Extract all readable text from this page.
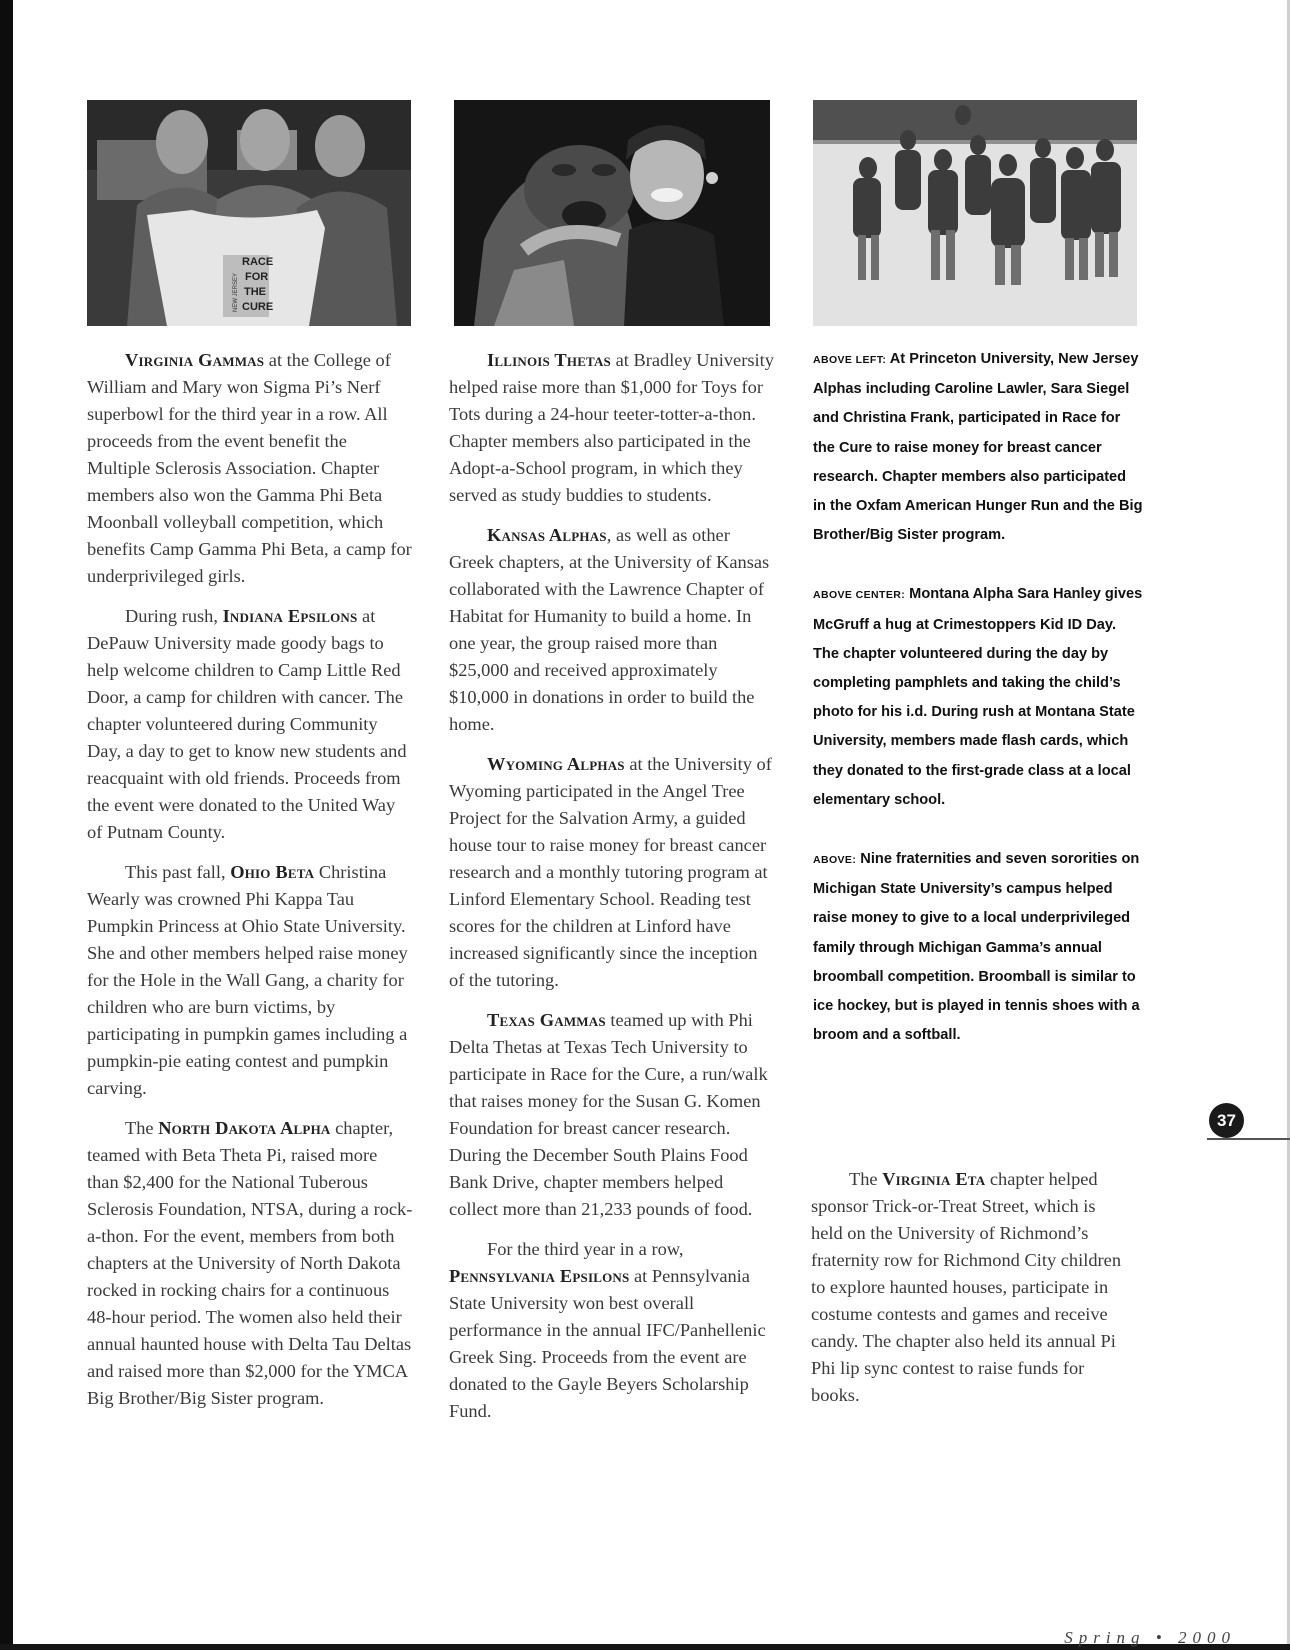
NEW JERSEY
RACE
FOR
THE
CURE

Virginia Gammas at the College of William and Mary won Sigma Pi’s Nerf superbowl for the third year in a row. All proceeds from the event benefit the Multiple Sclerosis Association. Chapter members also won the Gamma Phi Beta Moonball volleyball competition, which benefits Camp Gamma Phi Beta, a camp for underprivileged girls.

During rush, Indiana Epsilons at DePauw University made goody bags to help welcome children to Camp Little Red Door, a camp for children with cancer. The chapter volunteered during Community Day, a day to get to know new students and reacquaint with old friends. Proceeds from the event were donated to the United Way of Putnam County.

This past fall, Ohio Beta Christina Wearly was crowned Phi Kappa Tau Pumpkin Princess at Ohio State University. She and other members helped raise money for the Hole in the Wall Gang, a charity for children who are burn victims, by participating in pumpkin games including a pumpkin-pie eating contest and pumpkin carving.

The North Dakota Alpha chapter, teamed with Beta Theta Pi, raised more than $2,400 for the National Tuberous Sclerosis Foundation, NTSA, during a rock-a-thon. For the event, members from both chapters at the University of North Dakota rocked in rocking chairs for a continuous 48-hour period. The women also held their annual haunted house with Delta Tau Deltas and raised more than $2,000 for the YMCA Big Brother/Big Sister program.

Illinois Thetas at Bradley University helped raise more than $1,000 for Toys for Tots during a 24-hour teeter-totter-a-thon. Chapter members also participated in the Adopt-a-School program, in which they served as study buddies to students.

Kansas Alphas, as well as other Greek chapters, at the University of Kansas collaborated with the Lawrence Chapter of Habitat for Humanity to build a home. In one year, the group raised more than $25,000 and received approximately $10,000 in donations in order to build the home.

Wyoming Alphas at the University of Wyoming participated in the Angel Tree Project for the Salvation Army, a guided house tour to raise money for breast cancer research and a monthly tutoring program at Linford Elementary School. Reading test scores for the children at Linford have increased significantly since the inception of the tutoring.

Texas Gammas teamed up with Phi Delta Thetas at Texas Tech University to participate in Race for the Cure, a run/walk that raises money for the Susan G. Komen Foundation for breast cancer research. During the December South Plains Food Bank Drive, chapter members helped collect more than 21,233 pounds of food.

For the third year in a row, Pennsylvania Epsilons at Pennsylvania State University won best overall performance in the annual IFC/Panhellenic Greek Sing. Proceeds from the event are donated to the Gayle Beyers Scholarship Fund.

ABOVE LEFT: At Princeton University, New Jersey Alphas including Caroline Lawler, Sara Siegel and Christina Frank, participated in Race for the Cure to raise money for breast cancer research. Chapter members also participated in the Oxfam American Hunger Run and the Big Brother/Big Sister program.

ABOVE CENTER: Montana Alpha Sara Hanley gives McGruff a hug at Crimestoppers Kid ID Day. The chapter volunteered during the day by completing pamphlets and taking the child’s photo for his i.d. During rush at Montana State University, members made flash cards, which they donated to the first-grade class at a local elementary school.

ABOVE: Nine fraternities and seven sororities on Michigan State University’s campus helped raise money to give to a local underprivileged family through Michigan Gamma’s annual broomball competition. Broomball is similar to ice hockey, but is played in tennis shoes with a broom and a softball.

The Virginia Eta chapter helped sponsor Trick-or-Treat Street, which is held on the University of Richmond’s fraternity row for Richmond City children to explore haunted houses, participate in costume contests and games and receive candy. The chapter also held its annual Pi Phi lip sync contest to raise funds for books.

37
Spring • 2000
